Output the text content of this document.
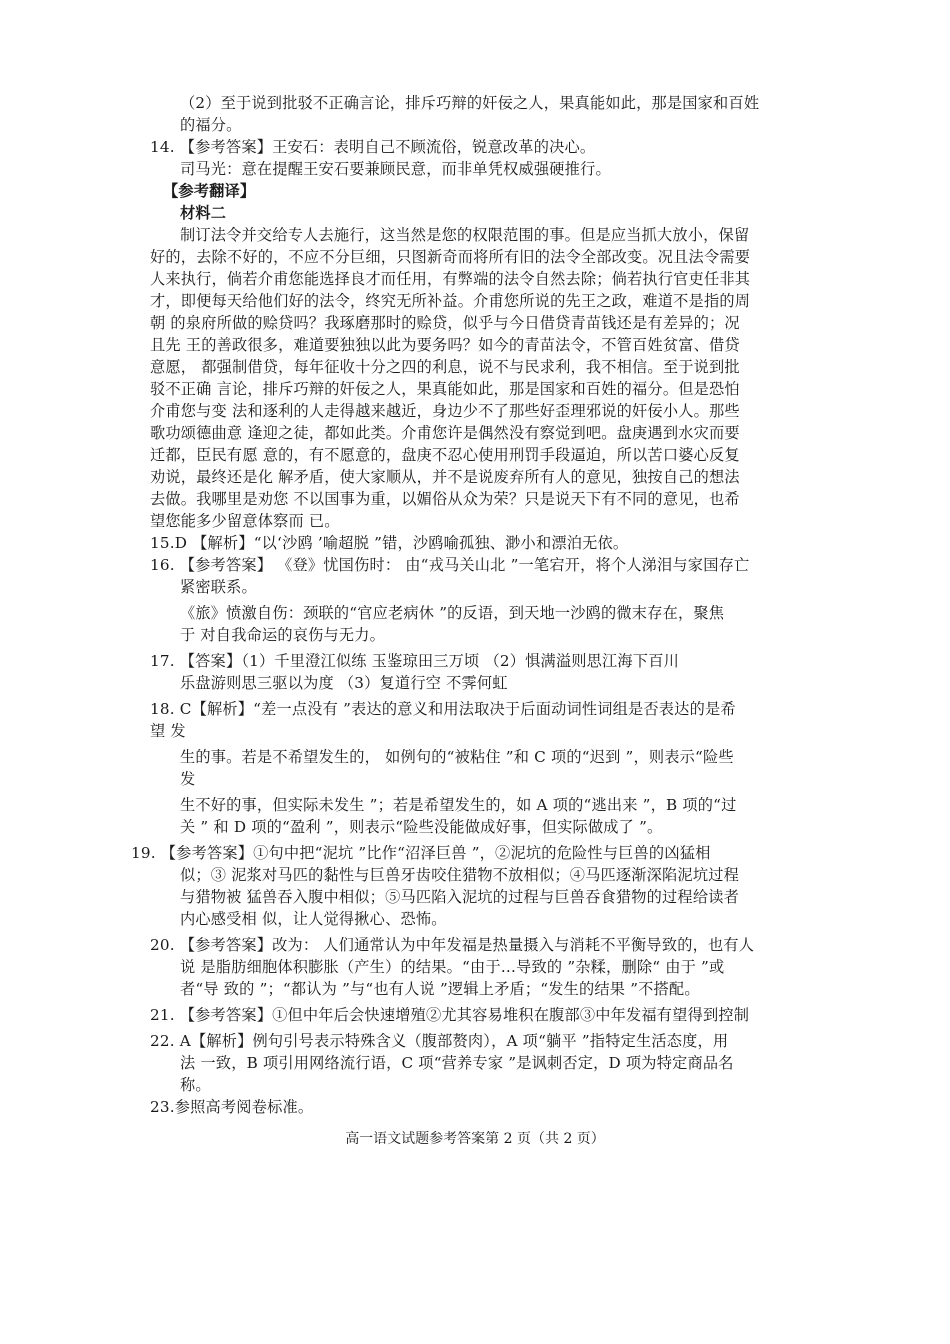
（2）至于说到批驳不正确言论，排斥巧辩的奸佞之人，果真能如此，那是国家和百姓
的福分。
14. 【参考答案】王安石：表明自己不顾流俗，锐意改革的决心。
司马光：意在提醒王安石要兼顾民意，而非单凭权威强硬推行。
【参考翻译】
材料二
制订法令并交给专人去施行，这当然是您的权限范围的事。但是应当抓大放小，保留
好的，去除不好的，不应不分巨细，只图新奇而将所有旧的法令全部改变。况且法令需要
人来执行，倘若介甫您能选择良才而任用，有弊端的法令自然去除；倘若执行官吏任非其
才，即便每天给他们好的法令，终究无所补益。介甫您所说的先王之政，难道不是指的周
朝 的泉府所做的赊贷吗？我琢磨那时的赊贷，似乎与今日借贷青苗钱还是有差异的；况
且先 王的善政很多，难道要独独以此为要务吗？如今的青苗法令，不管百姓贫富、借贷
意愿， 都强制借贷，每年征收十分之四的利息，说不与民求利，我不相信。至于说到批
驳不正确 言论，排斥巧辩的奸佞之人，果真能如此，那是国家和百姓的福分。但是恐怕
介甫您与变 法和逐利的人走得越来越近，身边少不了那些好歪理邪说的奸佞小人。那些
歌功颂德曲意 逢迎之徒，都如此类。介甫您许是偶然没有察觉到吧。盘庚遇到水灾而要
迁都，臣民有愿 意的，有不愿意的，盘庚不忍心使用刑罚手段逼迫，所以苦口婆心反复
劝说，最终还是化 解矛盾，使大家顺从，并不是说废弃所有人的意见，独按自己的想法
去做。我哪里是劝您 不以国事为重，以媚俗从众为荣？只是说天下有不同的意见，也希
望您能多少留意体察而 已。
15.D 【解析】“以‘沙鸥 ’喻超脱 ”错，沙鸥喻孤独、渺小和漂泊无依。
16. 【参考答案】 《登》忧国伤时： 由“戎马关山北 ”一笔宕开，将个人涕泪与家国存亡
紧密联系。
《旅》愤激自伤：颈联的“官应老病休 ”的反语，到天地一沙鸥的微末存在，聚焦
于 对自我命运的哀伤与无力。
17. 【答案】（1）千里澄江似练 玉鉴琼田三万顷 （2）惧满溢则思江海下百川
乐盘游则思三驱以为度 （3）复道行空 不霁何虹
18. C【解析】“差一点没有 ”表达的意义和用法取决于后面动词性词组是否表达的是希
望 发
生的事。若是不希望发生的， 如例句的“被粘住 ”和 C 项的“迟到 ”，则表示“险些
发
生不好的事，但实际未发生 ”；若是希望发生的，如 A 项的“逃出来 ”，B 项的“过
关 ” 和 D 项的“盈利 ”，则表示“险些没能做成好事，但实际做成了 ”。
19. 【参考答案】①句中把“泥坑 ”比作“沼泽巨兽 ”，②泥坑的危险性与巨兽的凶猛相
似；③ 泥浆对马匹的黏性与巨兽牙齿咬住猎物不放相似；④马匹逐渐深陷泥坑过程
与猎物被 猛兽吞入腹中相似；⑤马匹陷入泥坑的过程与巨兽吞食猎物的过程给读者
内心感受相 似，让人觉得揪心、恐怖。
20. 【参考答案】改为： 人们通常认为中年发福是热量摄入与消耗不平衡导致的，也有人
说 是脂肪细胞体积膨胀（产生）的结果。“由于…导致的 ”杂糅，删除“ 由于 ”或
者“导 致的 ”；“都认为 ”与“也有人说 ”逻辑上矛盾；“发生的结果 ”不搭配。
21. 【参考答案】①但中年后会快速增殖②尤其容易堆积在腹部③中年发福有望得到控制
22. A【解析】例句引号表示特殊含义（腹部赘肉），A 项“躺平 ”指特定生活态度，用
法 一致，B 项引用网络流行语，C 项“营养专家 ”是讽刺否定，D 项为特定商品名
称。
23.参照高考阅卷标准。
高一语文试题参考答案第 2 页（共 2 页）
